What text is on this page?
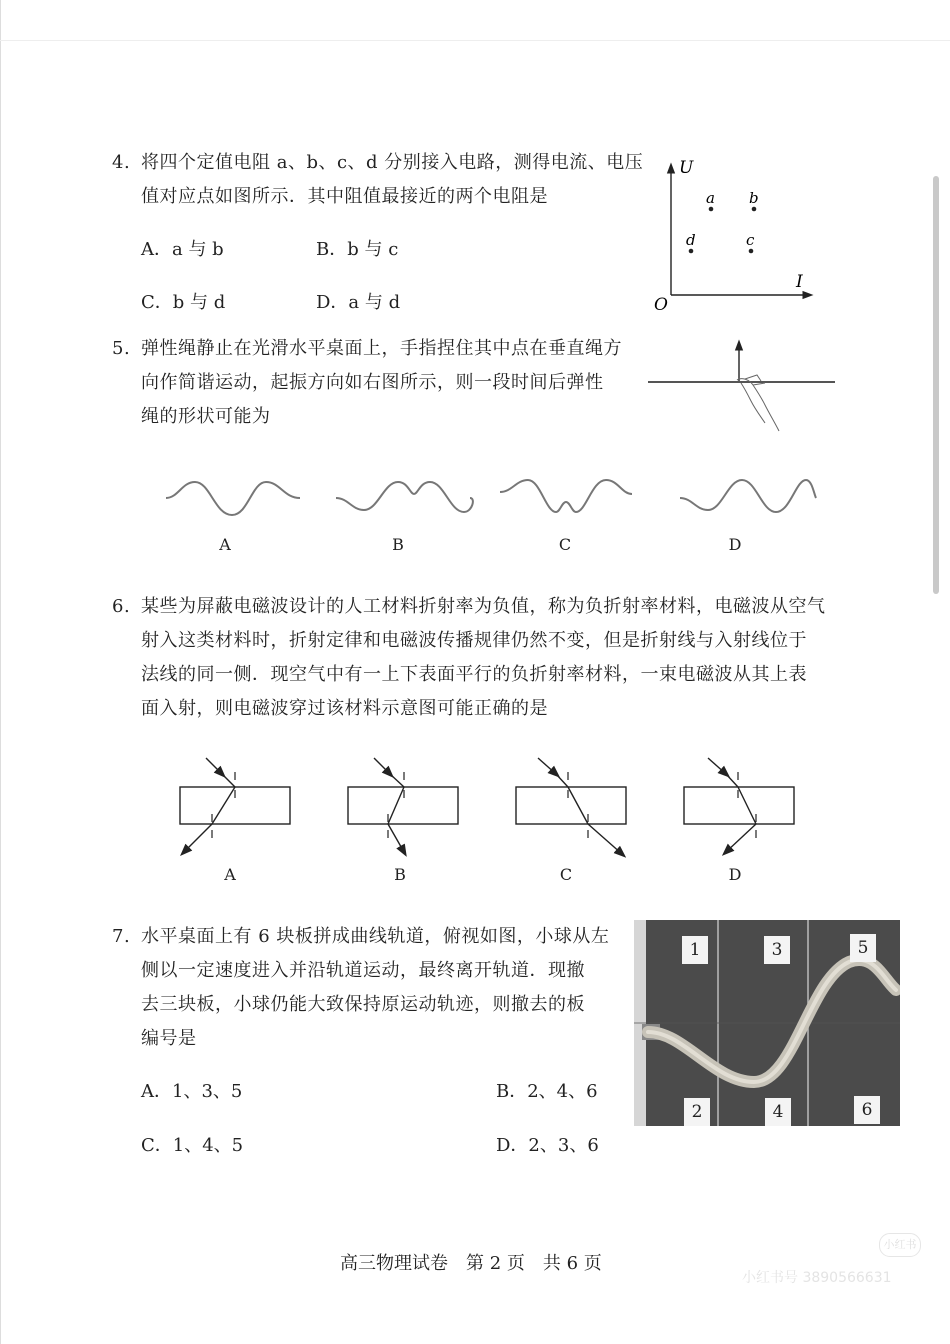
4. 将四个定值电阻 a、b、c、d 分别接入电路，测得电流、电压
值对应点如图所示．其中阻值最接近的两个电阻是
A．a 与 b	B．b 与 c
C．b 与 d	D．a 与 d
U
I
O
a b
d	c
5. 弹性绳静止在光滑水平桌面上，手指捏住其中点在垂直绳方
向作简谐运动，起振方向如右图所示，则一段时间后弹性
绳的形状可能为
A	B	C	D
6. 某些为屏蔽电磁波设计的人工材料折射率为负值，称为负折射率材料，电磁波从空气
射入这类材料时，折射定律和电磁波传播规律仍然不变，但是折射线与入射线位于
法线的同一侧．现空气中有一上下表面平行的负折射率材料，一束电磁波从其上表
面入射，则电磁波穿过该材料示意图可能正确的是
A	B	C	D
7. 水平桌面上有 6 块板拼成曲线轨道，俯视如图，小球从左
侧以一定速度进入并沿轨道运动，最终离开轨道．现撤
去三块板，小球仍能大致保持原运动轨迹，则撤去的板
编号是
A．1、3、5	B．2、4、6
C．1、4、5	D．2、3、6
1	3	5
2	4	6
高三物理试卷　第 2 页　共 6 页
小红书
小红书号 3890566631
